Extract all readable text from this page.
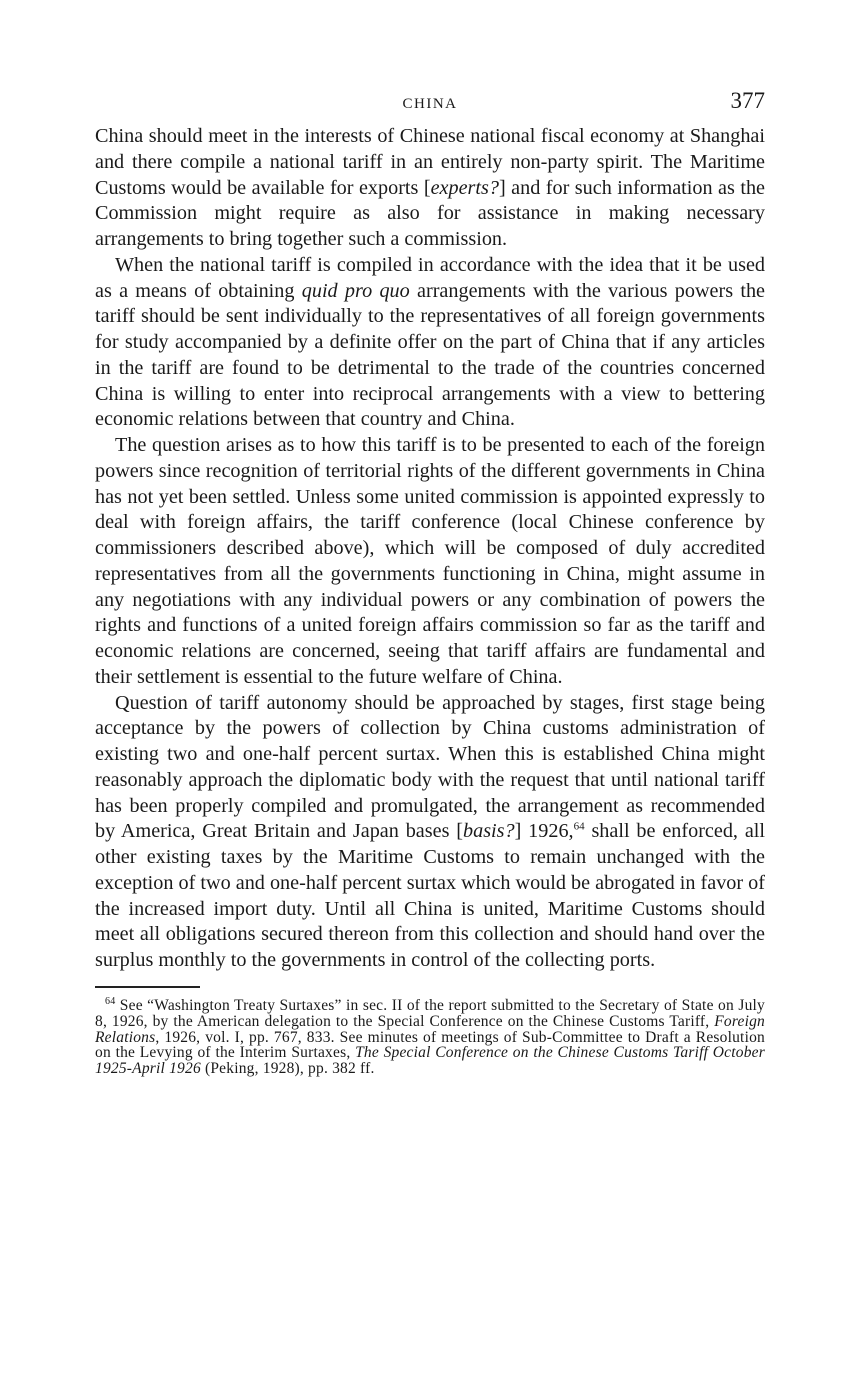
CHINA	377

China should meet in the interests of Chinese national fiscal economy at Shanghai and there compile a national tariff in an entirely non-party spirit. The Maritime Customs would be available for exports [experts?] and for such information as the Commission might require as also for assistance in making necessary arrangements to bring together such a commission.

When the national tariff is compiled in accordance with the idea that it be used as a means of obtaining quid pro quo arrangements with the various powers the tariff should be sent individually to the representatives of all foreign governments for study accompanied by a definite offer on the part of China that if any articles in the tariff are found to be detrimental to the trade of the countries concerned China is willing to enter into reciprocal arrangements with a view to bettering economic relations between that country and China.

The question arises as to how this tariff is to be presented to each of the foreign powers since recognition of territorial rights of the different governments in China has not yet been settled. Unless some united commission is appointed expressly to deal with foreign affairs, the tariff conference (local Chinese conference by commissioners described above), which will be composed of duly accredited representatives from all the governments functioning in China, might assume in any negotiations with any individual powers or any combination of powers the rights and functions of a united foreign affairs commission so far as the tariff and economic relations are concerned, seeing that tariff affairs are fundamental and their settlement is essential to the future welfare of China.

Question of tariff autonomy should be approached by stages, first stage being acceptance by the powers of collection by China customs administration of existing two and one-half percent surtax. When this is established China might reasonably approach the diplomatic body with the request that until national tariff has been properly compiled and promulgated, the arrangement as recommended by America, Great Britain and Japan bases [basis?] 1926,64 shall be enforced, all other existing taxes by the Maritime Customs to remain unchanged with the exception of two and one-half percent surtax which would be abrogated in favor of the increased import duty. Until all China is united, Maritime Customs should meet all obligations secured thereon from this collection and should hand over the surplus monthly to the governments in control of the collecting ports.

$^{64}$ See “Washington Treaty Surtaxes” in sec. II of the report submitted to the Secretary of State on July 8, 1926, by the American delegation to the Special Conference on the Chinese Customs Tariff, Foreign Relations, 1926, vol. I, pp. 767, 833. See minutes of meetings of Sub-Committee to Draft a Resolution on the Levying of the Interim Surtaxes, The Special Conference on the Chinese Customs Tariff October 1925-April 1926 (Peking, 1928), pp. 382 ff.
